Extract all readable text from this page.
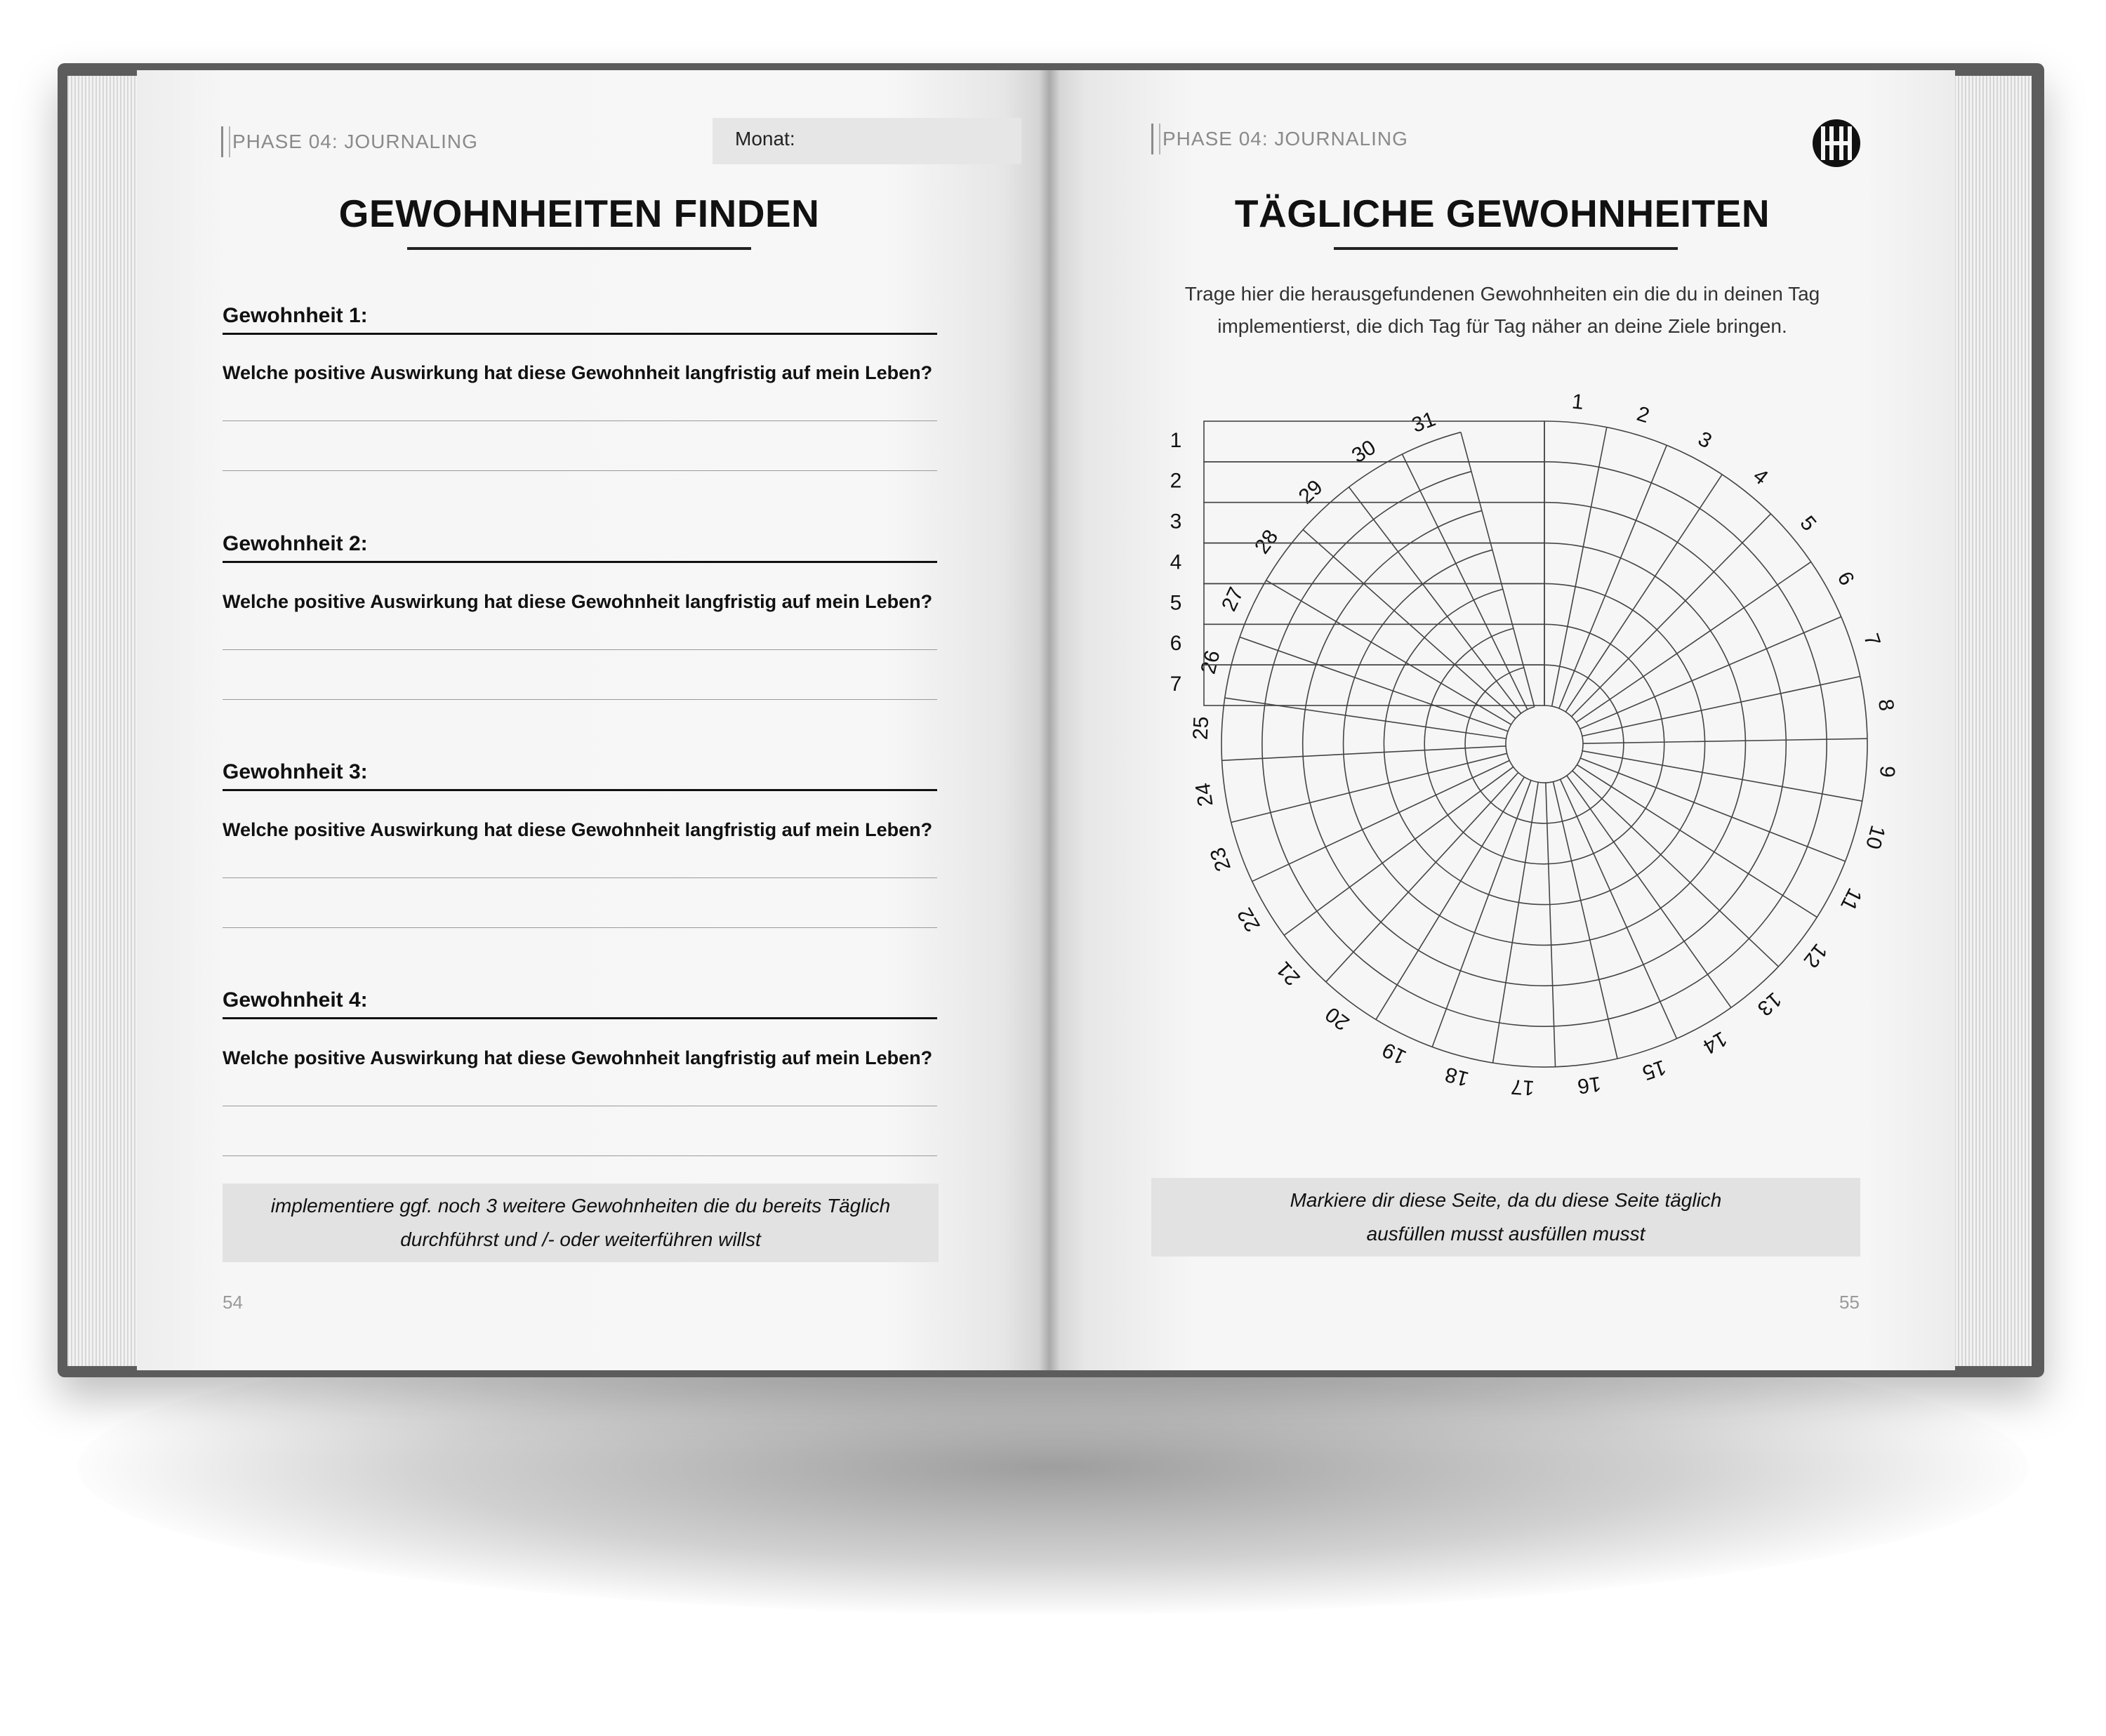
PHASE 04: JOURNALING	Monat:
GEWOHNHEITEN FINDEN
Gewohnheit 1:
Welche positive Auswirkung hat diese Gewohnheit langfristig auf mein Leben?
Gewohnheit 2:
Welche positive Auswirkung hat diese Gewohnheit langfristig auf mein Leben?
Gewohnheit 3:
Welche positive Auswirkung hat diese Gewohnheit langfristig auf mein Leben?
Gewohnheit 4:
Welche positive Auswirkung hat diese Gewohnheit langfristig auf mein Leben?
implementiere ggf. noch 3 weitere Gewohnheiten die du bereits Täglich
durchführst und /- oder weiterführen willst
54
PHASE 04: JOURNALING
TÄGLICHE GEWOHNHEITEN
Trage hier die herausgefundenen Gewohnheiten ein die du in deinen Tag
implementierst, die dich Tag für Tag näher an deine Ziele bringen.
1
2
3
4
5
6
7
8
9
10
11
12
13
14
15
16
17
18
19
20
21
22
23
24
25
26
27
28
29
30
31
1
2
3
4
5
6
7
Markiere dir diese Seite, da du diese Seite täglich
ausfüllen musst ausfüllen musst
55
